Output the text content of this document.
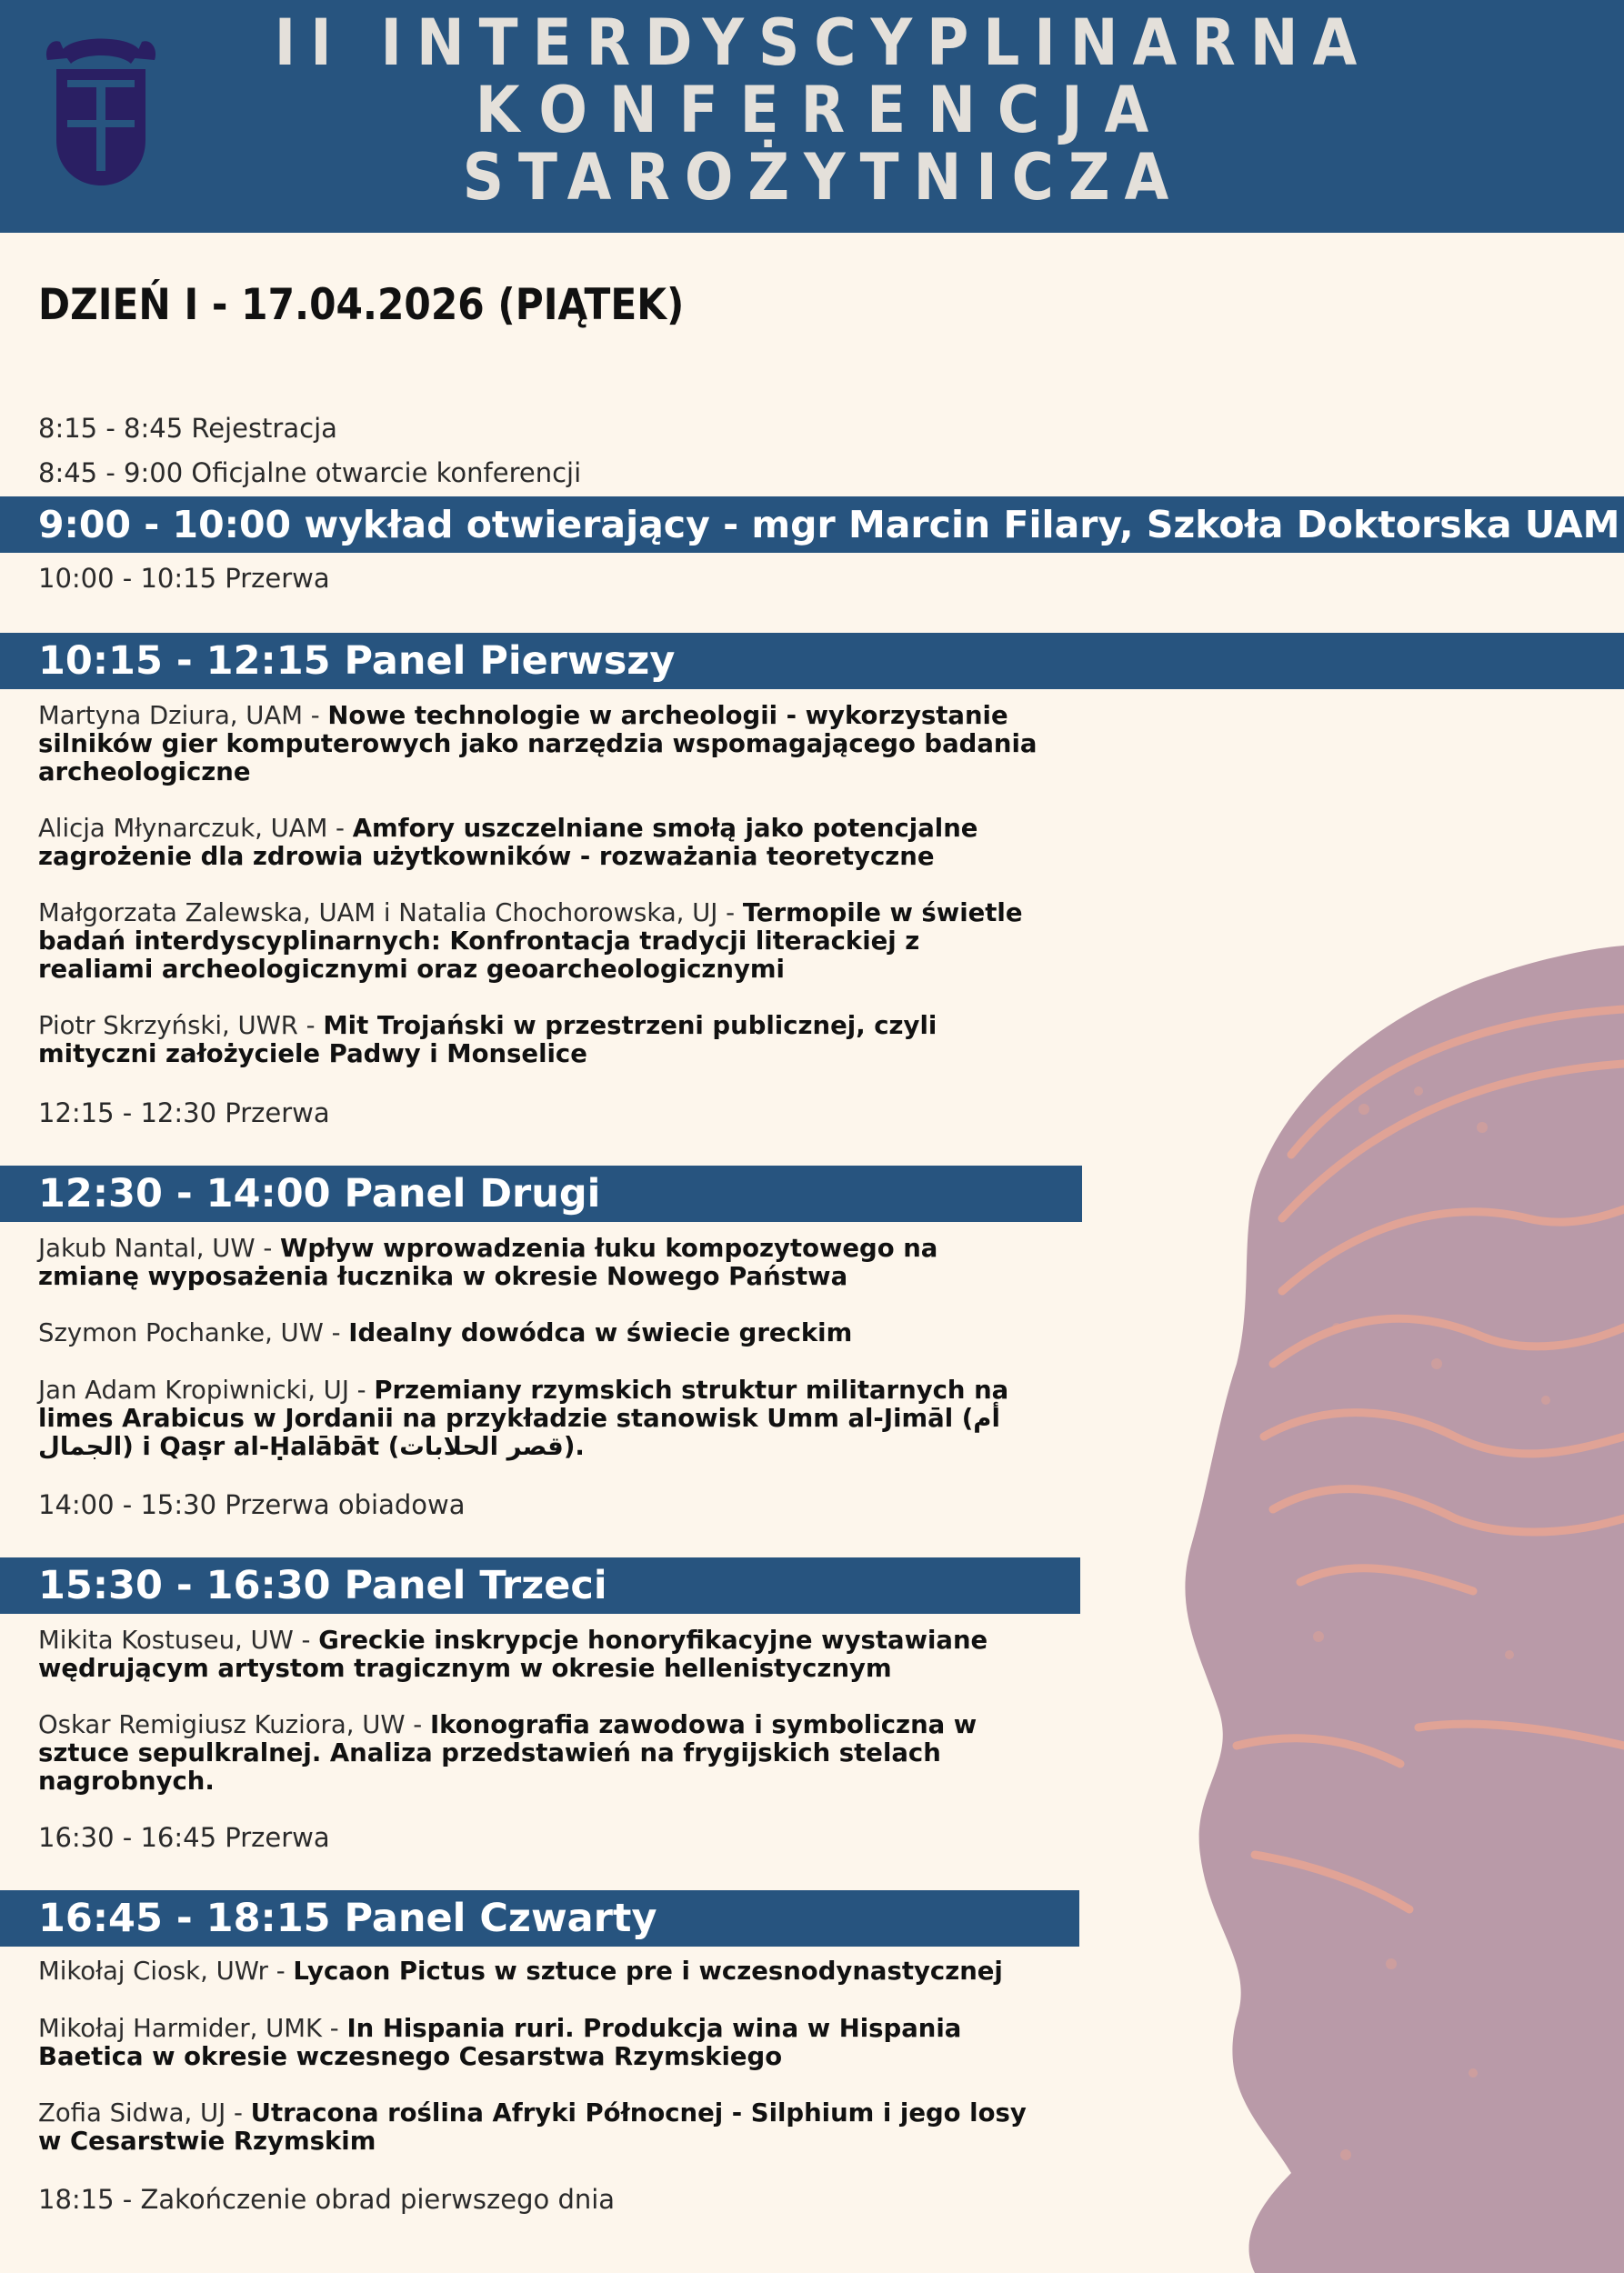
II INTERDYSCYPLINARNA
KONFERENCJA
STAROŻYTNICZA
DZIEŃ I - 17.04.2026 (PIĄTEK)
8:15 - 8:45 Rejestracja
8:45 - 9:00 Oficjalne otwarcie konferencji
9:00 - 10:00 wykład otwierający - mgr Marcin Filary, Szkoła Doktorska UAM
10:00 - 10:15 Przerwa
10:15 - 12:15 Panel Pierwszy
Martyna Dziura, UAM - Nowe technologie w archeologii - wykorzystanie silników gier komputerowych jako narzędzia wspomagającego badania archeologiczne
Alicja Młynarczuk, UAM - Amfory uszczelniane smołą jako potencjalne zagrożenie dla zdrowia użytkowników - rozważania teoretyczne
Małgorzata Zalewska, UAM i Natalia Chochorowska, UJ - Termopile w świetle badań interdyscyplinarnych: Konfrontacja tradycji literackiej z realiami archeologicznymi oraz geoarcheologicznymi
Piotr Skrzyński, UWR - Mit Trojański w przestrzeni publicznej, czyli mityczni założyciele Padwy i Monselice
12:15 - 12:30 Przerwa
12:30 - 14:00 Panel Drugi
Jakub Nantal, UW - Wpływ wprowadzenia łuku kompozytowego na zmianę wyposażenia łucznika w okresie Nowego Państwa
Szymon Pochanke, UW - Idealny dowódca w świecie greckim
Jan Adam Kropiwnicki, UJ - Przemiany rzymskich struktur militarnych na limes Arabicus w Jordanii na przykładzie stanowisk Umm al-Jimāl (أم الجمال) i Qaṣr al-Ḥalābāt (قصر الحلابات).
14:00 - 15:30 Przerwa obiadowa
15:30 - 16:30 Panel Trzeci
Mikita Kostuseu, UW - Greckie inskrypcje honoryfikacyjne wystawiane wędrującym artystom tragicznym w okresie hellenistycznym
Oskar Remigiusz Kuziora, UW - Ikonografia zawodowa i symboliczna w sztuce sepulkralnej. Analiza przedstawień na frygijskich stelach nagrobnych.
16:30 - 16:45 Przerwa
16:45 - 18:15 Panel Czwarty
Mikołaj Ciosk, UWr - Lycaon Pictus w sztuce pre i wczesnodynastycznej
Mikołaj Harmider, UMK - In Hispania ruri. Produkcja wina w Hispania Baetica w okresie wczesnego Cesarstwa Rzymskiego
Zofia Sidwa, UJ - Utracona roślina Afryki Północnej - Silphium i jego losy w Cesarstwie Rzymskim
18:15 - Zakończenie obrad pierwszego dnia
